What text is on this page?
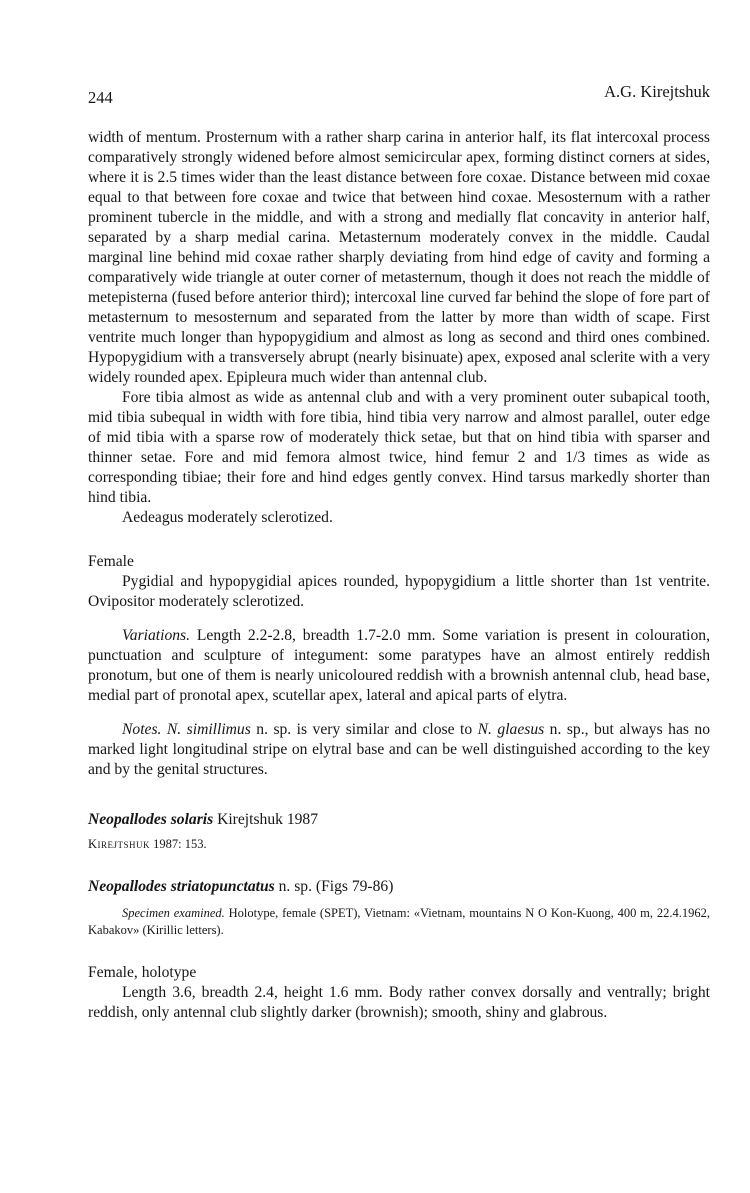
244	A.G. Kirejtshuk

width of mentum. Prosternum with a rather sharp carina in anterior half, its flat intercoxal process comparatively strongly widened before almost semicircular apex, forming distinct corners at sides, where it is 2.5 times wider than the least distance between fore coxae. Distance between mid coxae equal to that between fore coxae and twice that between hind coxae. Mesosternum with a rather prominent tubercle in the middle, and with a strong and medially flat concavity in anterior half, separated by a sharp medial carina. Metasternum moderately convex in the middle. Caudal marginal line behind mid coxae rather sharply deviating from hind edge of cavity and forming a comparatively wide triangle at outer corner of metasternum, though it does not reach the middle of metepisterna (fused before anterior third); intercoxal line curved far behind the slope of fore part of metasternum to mesosternum and separated from the latter by more than width of scape. First ventrite much longer than hypopygidium and almost as long as second and third ones combined. Hypopygidium with a transversely abrupt (nearly bisinuate) apex, exposed anal sclerite with a very widely rounded apex. Epipleura much wider than antennal club.

Fore tibia almost as wide as antennal club and with a very prominent outer subapical tooth, mid tibia subequal in width with fore tibia, hind tibia very narrow and almost parallel, outer edge of mid tibia with a sparse row of moderately thick setae, but that on hind tibia with sparser and thinner setae. Fore and mid femora almost twice, hind femur 2 and 1/3 times as wide as corresponding tibiae; their fore and hind edges gently convex. Hind tarsus markedly shorter than hind tibia.

Aedeagus moderately sclerotized.

Female

Pygidial and hypopygidial apices rounded, hypopygidium a little shorter than 1st ventrite. Ovipositor moderately sclerotized.

Variations. Length 2.2-2.8, breadth 1.7-2.0 mm. Some variation is present in colouration, punctuation and sculpture of integument: some paratypes have an almost entirely reddish pronotum, but one of them is nearly unicoloured reddish with a brownish antennal club, head base, medial part of pronotal apex, scutellar apex, lateral and apical parts of elytra.

Notes. N. simillimus n. sp. is very similar and close to N. glaesus n. sp., but always has no marked light longitudinal stripe on elytral base and can be well distinguished according to the key and by the genital structures.

Neopallodes solaris Kirejtshuk 1987

Kirejtshuk 1987: 153.

Neopallodes striatopunctatus n. sp. (Figs 79-86)

Specimen examined. Holotype, female (SPET), Vietnam: «Vietnam, mountains N O Kon-Kuong, 400 m, 22.4.1962, Kabakov» (Kirillic letters).

Female, holotype

Length 3.6, breadth 2.4, height 1.6 mm. Body rather convex dorsally and ventrally; bright reddish, only antennal club slightly darker (brownish); smooth, shiny and glabrous.
